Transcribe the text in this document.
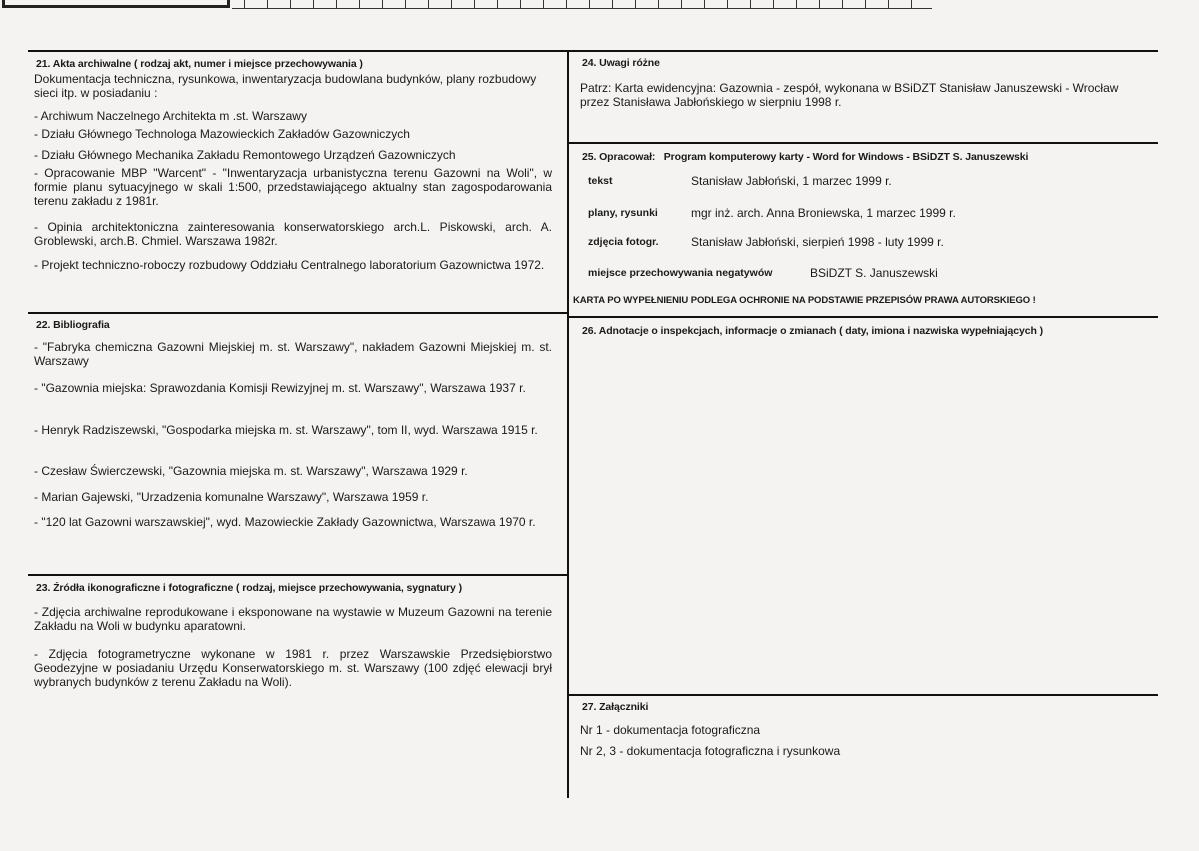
21. Akta archiwalne ( rodzaj akt, numer i miejsce przechowywania )
Dokumentacja techniczna, rysunkowa, inwentaryzacja budowlana budynków, plany rozbudowy sieci itp. w posiadaniu :
- Archiwum Naczelnego Architekta m .st. Warszawy
- Działu Głównego Technologa Mazowieckich Zakładów Gazowniczych
- Działu Głównego Mechanika Zakładu Remontowego Urządzeń Gazowniczych
- Opracowanie MBP "Warcent" - "Inwentaryzacja urbanistyczna terenu Gazowni na Woli", w formie planu sytuacyjnego w skali 1:500, przedstawiającego aktualny stan zagospodarowania terenu zakładu z 1981r.
- Opinia architektoniczna zainteresowania konserwatorskiego arch.L. Piskowski, arch. A. Groblewski, arch.B. Chmiel. Warszawa 1982r.
- Projekt techniczno-roboczy rozbudowy Oddziału Centralnego laboratorium Gazownictwa 1972.
22. Bibliografia
- "Fabryka chemiczna Gazowni Miejskiej m. st. Warszawy", nakładem Gazowni Miejskiej m. st. Warszawy
- "Gazownia miejska: Sprawozdania Komisji Rewizyjnej m. st. Warszawy", Warszawa 1937 r.
- Henryk Radziszewski, "Gospodarka miejska m. st. Warszawy", tom II, wyd. Warszawa 1915 r.
- Czesław Świerczewski, "Gazownia miejska m. st. Warszawy", Warszawa 1929 r.
- Marian Gajewski, "Urzadzenia komunalne Warszawy", Warszawa 1959 r.
- "120 lat Gazowni warszawskiej", wyd. Mazowieckie Zakłady Gazownictwa, Warszawa 1970 r.
23. Źródła ikonograficzne i fotograficzne ( rodzaj, miejsce przechowywania, sygnatury )
- Zdjęcia archiwalne reprodukowane i eksponowane na wystawie w Muzeum Gazowni na terenie Zakładu na Woli w budynku aparatowni.
- Zdjęcia fotogrametryczne wykonane w 1981 r. przez Warszawskie Przedsiębiorstwo Geodezyjne w posiadaniu Urzędu Konserwatorskiego m. st. Warszawy (100 zdjęć elewacji brył wybranych budynków z terenu Zakładu na Woli).
24. Uwagi różne
Patrz: Karta ewidencyjna: Gazownia - zespół, wykonana w BSiDZT Stanisław Januszewski - Wrocław przez Stanisława Jabłońskiego w sierpniu 1998 r.
25. Opracował: Program komputerowy karty - Word for Windows - BSiDZT S. Januszewski
tekst	Stanisław Jabłoński, 1 marzec 1999 r.
plany, rysunki	mgr inż. arch. Anna Broniewska, 1 marzec 1999 r.
zdjęcia fotogr.	Stanisław Jabłoński, sierpień 1998 - luty 1999 r.
miejsce przechowywania negatywów	BSiDZT S. Januszewski
KARTA PO WYPEŁNIENIU PODLEGA OCHRONIE NA PODSTAWIE PRZEPISÓW PRAWA AUTORSKIEGO !
26. Adnotacje o inspekcjach, informacje o zmianach ( daty, imiona i nazwiska wypełniających )
27. Załączniki
Nr 1 - dokumentacja fotograficzna
Nr 2, 3 - dokumentacja fotograficzna i rysunkowa
